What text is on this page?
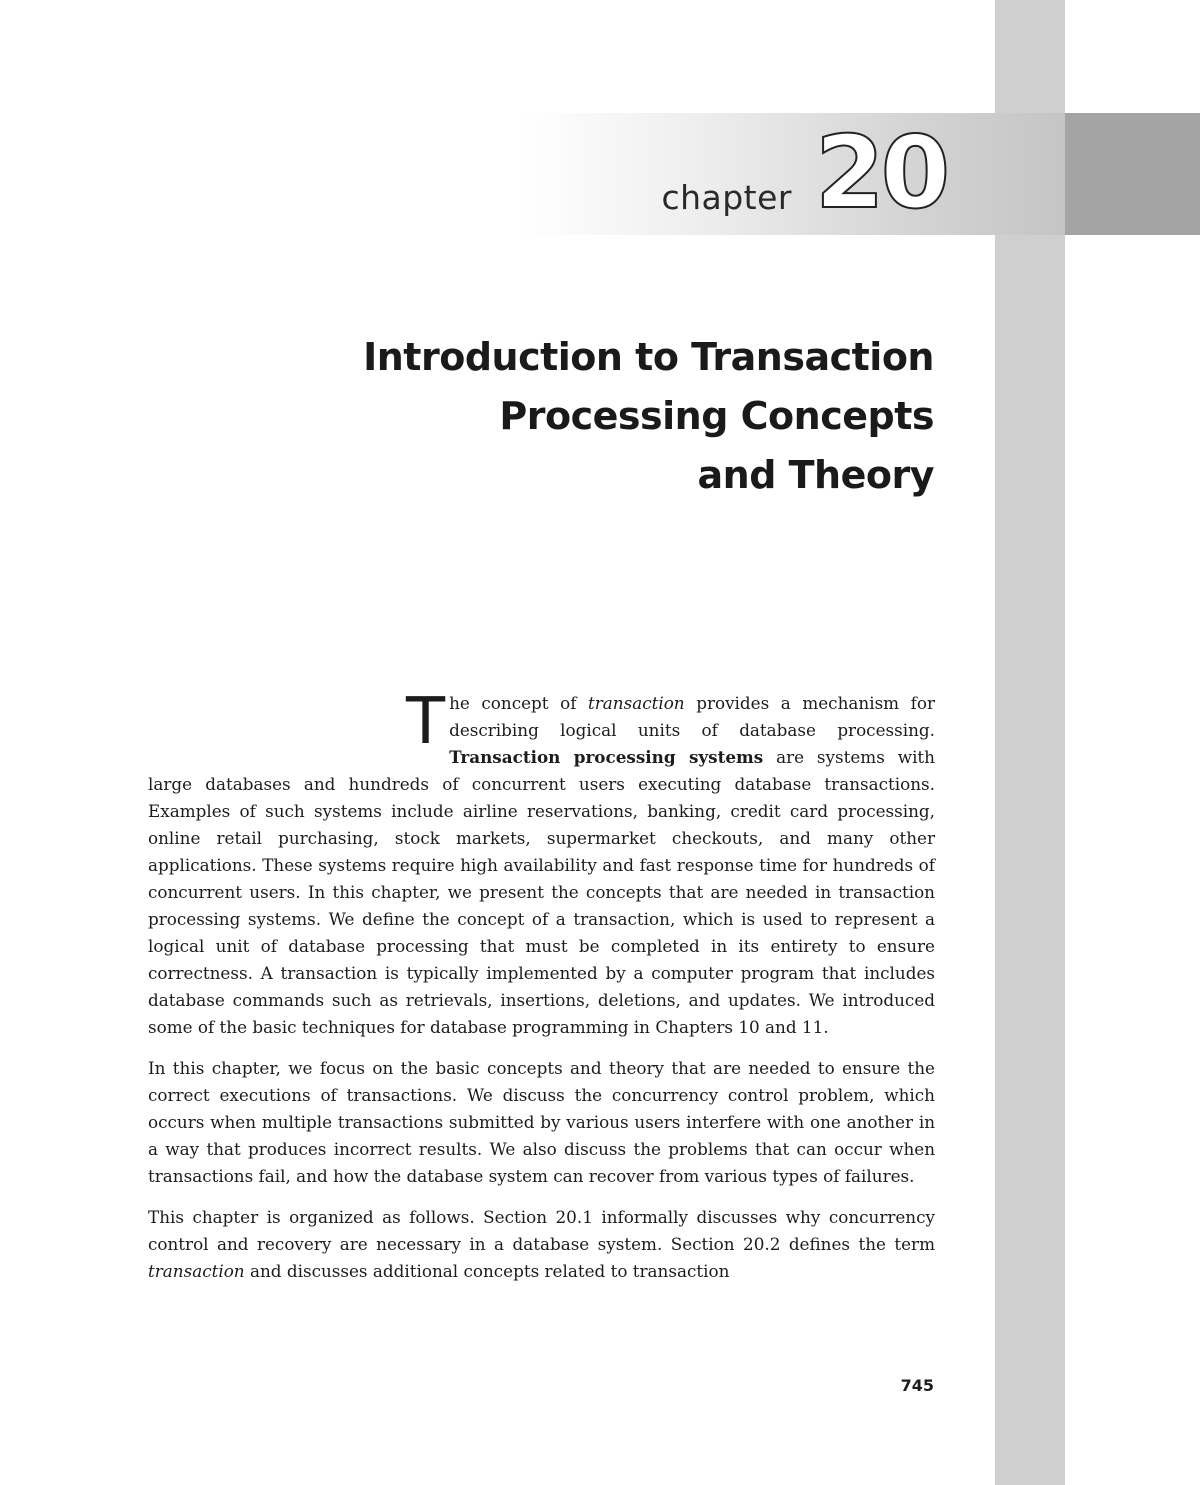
chapter 20
Introduction to Transaction
Processing Concepts
and Theory

The concept of transaction provides a mechanism for describing logical units of database processing. Transaction processing systems are systems with large databases and hundreds of concurrent users executing database transactions. Examples of such systems include airline reservations, banking, credit card processing, online retail purchasing, stock markets, supermarket checkouts, and many other applications. These systems require high availability and fast response time for hundreds of concurrent users. In this chapter, we present the concepts that are needed in transaction processing systems. We define the concept of a transaction, which is used to represent a logical unit of database processing that must be completed in its entirety to ensure correctness. A transaction is typically implemented by a computer program that includes database commands such as retrievals, insertions, deletions, and updates. We introduced some of the basic techniques for database programming in Chapters 10 and 11.

In this chapter, we focus on the basic concepts and theory that are needed to ensure the correct executions of transactions. We discuss the concurrency control problem, which occurs when multiple transactions submitted by various users interfere with one another in a way that produces incorrect results. We also discuss the problems that can occur when transactions fail, and how the database system can recover from various types of failures.

This chapter is organized as follows. Section 20.1 informally discusses why concurrency control and recovery are necessary in a database system. Section 20.2 defines the term transaction and discusses additional concepts related to transaction

745
